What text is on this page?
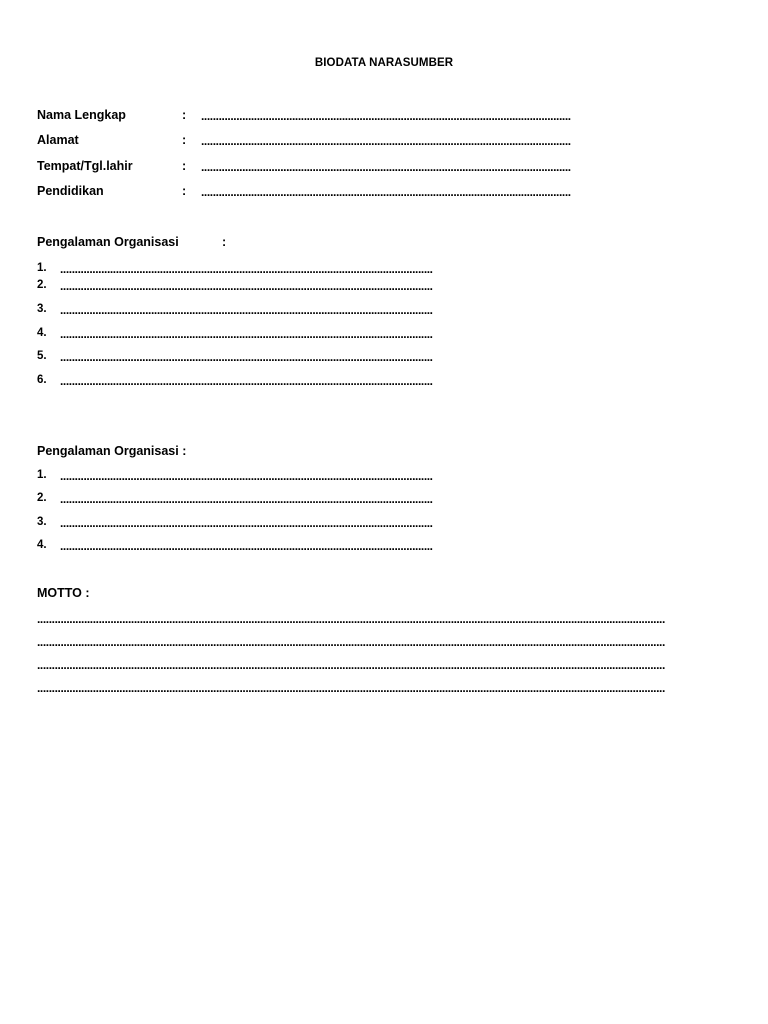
BIODATA NARASUMBER
Nama Lengkap	: ..............................................................................................................................
Alamat	: ..............................................................................................................................
Tempat/Tgl.lahir	: ..............................................................................................................................
Pendidikan	: ..............................................................................................................................
Pengalaman Organisasi	:
1. ...............................................................................................................................
2. ...............................................................................................................................
3. ...............................................................................................................................
4. ...............................................................................................................................
5. ...............................................................................................................................
6. ...............................................................................................................................
Pengalaman Organisasi :
1. ...............................................................................................................................
2. ...............................................................................................................................
3. ...............................................................................................................................
4. ...............................................................................................................................
MOTTO :
......................................................................................................................................................................................................................
......................................................................................................................................................................................................................
......................................................................................................................................................................................................................
......................................................................................................................................................................................................................
